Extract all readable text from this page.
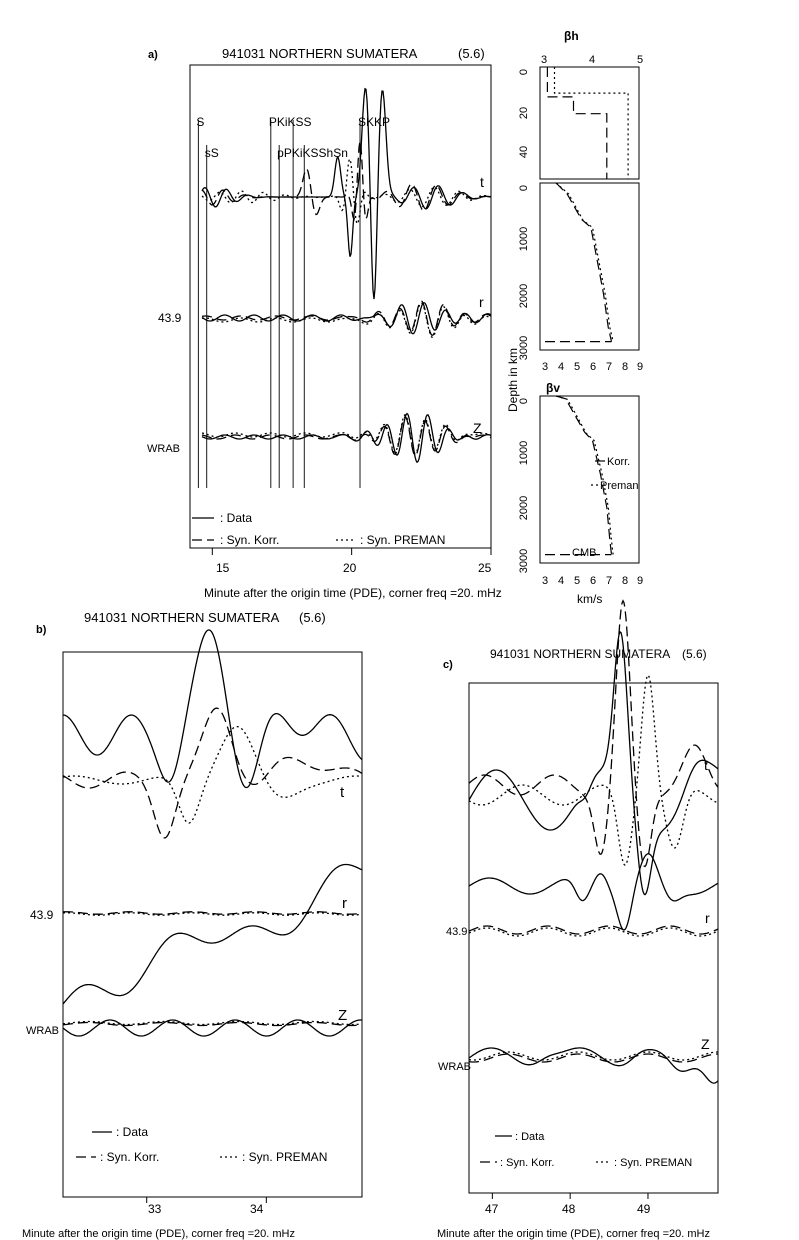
a)	941031 NORTHERN SUMATERA	(5.6)
S
sS
PKiKSS
pPKiKSShSn
SKKP
t
r
Z
43.9
WRAB
: Data
: Syn. Korr.	: Syn. PREMAN
15	20	25
Minute after the origin time (PDE), corner freq =20. mHz
βh
3	4	5
0
20
40
0
1000
2000
3000
3 4 5 6 7 8 9
Depth in km βv
0
1000
2000
3000
3 4 5 6 7 8 9
km/s
Korr.
Preman
CMB
b)
941031 NORTHERN SUMATERA (5.6)
t
r
Z
43.9
WRAB
: Data
: Syn. Korr.	: Syn. PREMAN
33	34
Minute after the origin time (PDE), corner freq =20. mHz
c)
941031 NORTHERN SUMATERA (5.6)
t
r
Z
43.9
WRAB
: Data
: Syn. Korr.	: Syn. PREMAN
47	48	49
Minute after the origin time (PDE), corner freq =20. mHz
